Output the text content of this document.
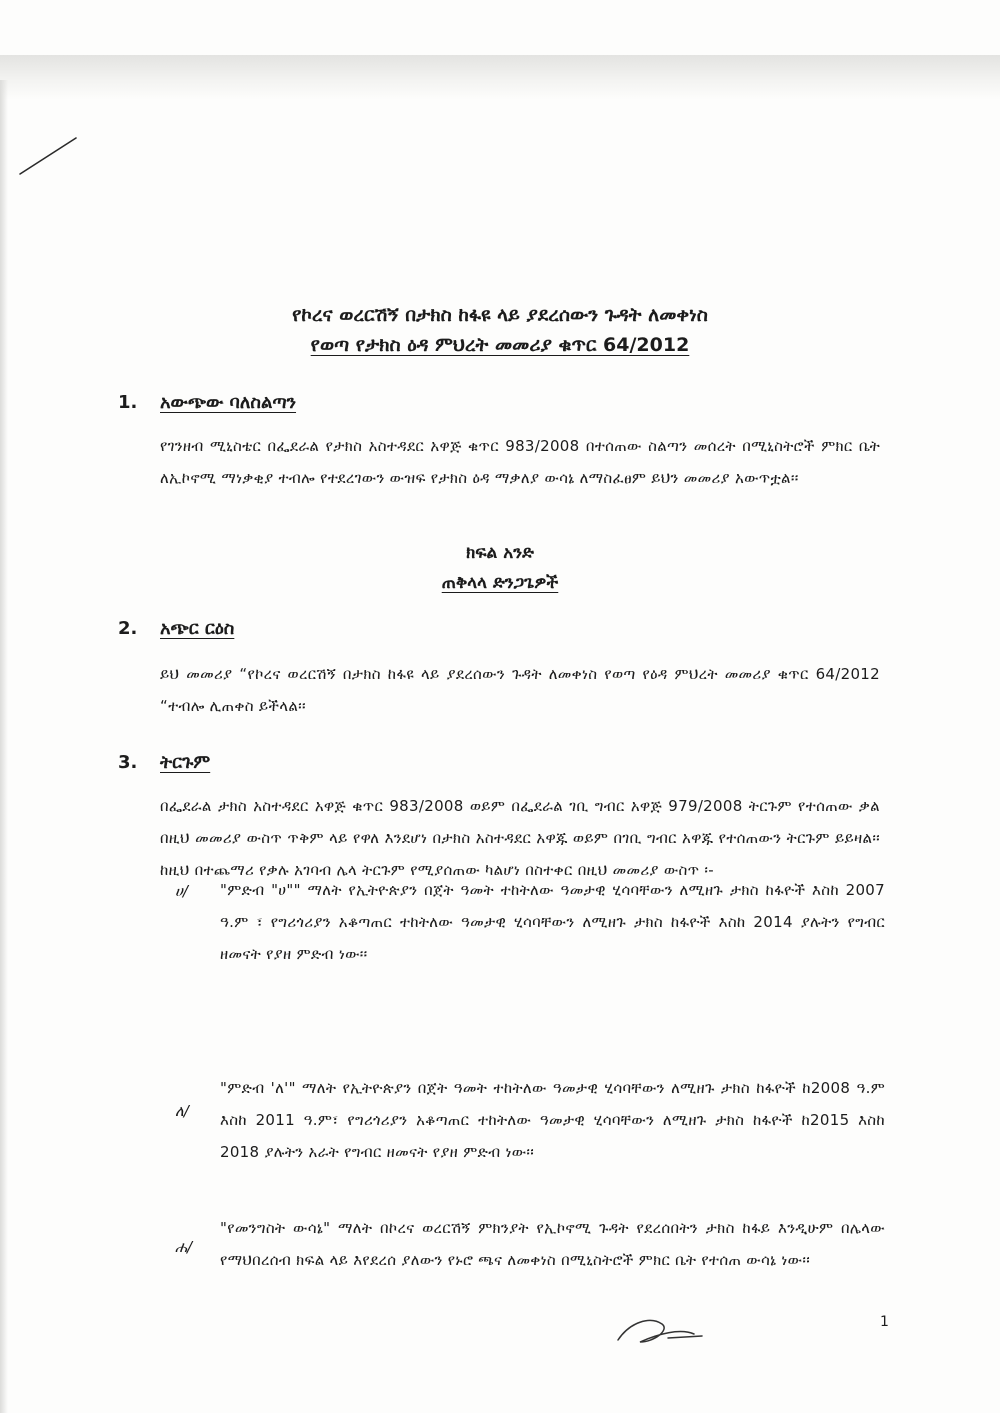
የኮረና ወረርሽኝ በታክስ ከፋዩ ላይ ያደረሰውን ጉዳት ለመቀነስ
የወጣ የታክስ ዕዳ ምህረት መመሪያ ቁጥር 64/2012
1. አውጭው ባለስልጣን
የገንዘብ ሚኒስቴር በፌደራል የታክስ አስተዳደር አዋጅ ቁጥር 983/2008 በተሰጠው ስልጣን መሰረት በሚኒስትሮች ምክር ቤት ለኢኮኖሚ ማነቃቂያ ተብሎ የተደረገውን ውዝፍ የታክስ ዕዳ ማቃለያ ውሳኔ ለማስፈፀም ይህን መመሪያ አውጥቷል፡፡
ክፍል አንድ
ጠቅላላ ድንጋጌዎች
2. አጭር ርዕስ
ይህ መመሪያ “የኮረና ወረርሽኝ በታክስ ከፋዩ ላይ ያደረሰውን ጉዳት ለመቀነስ የወጣ የዕዳ ምህረት መመሪያ ቁጥር 64/2012 “ተብሎ ሊጠቀስ ይችላል፡፡
3. ትርጉም
በፌደራል ታክስ አስተዳደር አዋጅ ቁጥር 983/2008 ወይም በፌደራል ገቢ ግብር አዋጅ 979/2008 ትርጉም የተሰጠው ቃል በዚህ መመሪያ ውስጥ ጥቅም ላይ የዋለ እንደሆነ በታክስ አስተዳደር አዋጁ ወይም በገቢ ግብር አዋጁ የተሰጠውን ትርጉም ይይዛል፡፡ ከዚህ በተጨማሪ የቃሉ አገባብ ሌላ ትርጉም የሚያሰጠው ካልሆነ በስተቀር በዚህ መመሪያ ውስጥ ፡-
ሀ/ "ምድብ "ሀ"" ማለት የኢትዮጵያን በጀት ዓመት ተከትለው ዓመታዊ ሂሳባቸውን ለሚዘጉ ታክስ ከፋዮች እስከ 2007 ዓ.ም ፣ የግሪጎሪያን አቆጣጠር ተከትለው ዓመታዊ ሂሳባቸውን ለሚዘጉ ታክስ ከፋዮች እስከ 2014 ያሉትን የግብር ዘመናት የያዘ ምድብ ነው፡፡
ለ/
"ምድብ 'ለ'" ማለት የኢትዮጵያን በጀት ዓመት ተከትለው ዓመታዊ ሂሳባቸውን ለሚዘጉ ታክስ ከፋዮች ከ2008 ዓ.ም እስከ 2011 ዓ.ም፣ የግሪጎሪያን አቆጣጠር ተከትለው ዓመታዊ ሂሳባቸውን ለሚዘጉ ታክስ ከፋዮች ከ2015 እስከ 2018 ያሉትን አራት የግብር ዘመናት የያዘ ምድብ ነው፡፡
ሐ/
"የመንግስት ውሳኔ" ማለት በኮረና ወረርሽኝ ምክንያት የኢኮኖሚ ጉዳት የደረሰበትን ታክስ ከፋይ እንዲሁም በሌላው የማህበረሰብ ክፍል ላይ እየደረሰ ያለውን የኑሮ ጫና ለመቀነስ በሚኒስትሮች ምክር ቤት የተሰጠ ውሳኔ ነው፡፡
1
